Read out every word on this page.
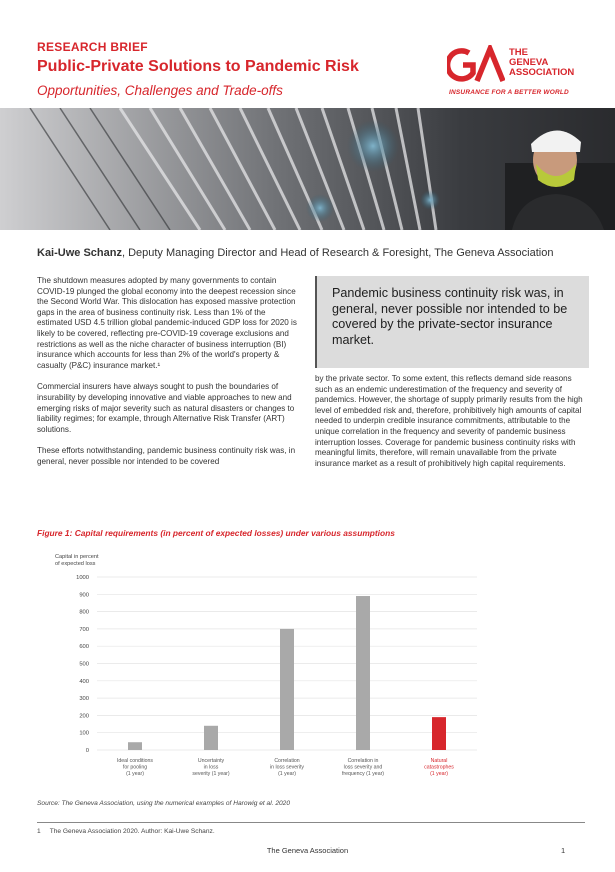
RESEARCH BRIEF
Public-Private Solutions to Pandemic Risk
Opportunities, Challenges and Trade-offs
THE
GENEVA
ASSOCIATION
INSURANCE FOR A BETTER WORLD
Kai-Uwe Schanz, Deputy Managing Director and Head of Research & Foresight, The Geneva Association

The shutdown measures adopted by many governments to contain COVID-19 plunged the global economy into the deepest recession since the Second World War. This dislocation has exposed massive protection gaps in the area of business continuity risk. Less than 1% of the estimated USD 4.5 trillion global pandemic-induced GDP loss for 2020 is likely to be covered, reflecting pre-COVID-19 coverage exclusions and restrictions as well as the niche character of business interruption (BI) insurance which accounts for less than 2% of the world's property & casualty (P&C) insurance market.¹

Commercial insurers have always sought to push the boundaries of insurability by developing innovative and viable approaches to new and emerging risks of major severity such as natural disasters or changes to liability regimes; for example, through Alternative Risk Transfer (ART) solutions.

These efforts notwithstanding, pandemic business continuity risk was, in general, never possible nor intended to be covered

Pandemic business continuity risk was, in general, never possible nor intended to be covered by the private-sector insurance market.

by the private sector. To some extent, this reflects demand side reasons such as an endemic underestimation of the frequency and severity of pandemics. However, the shortage of supply primarily results from the high level of embedded risk and, therefore, prohibitively high amounts of capital needed to underpin credible insurance commitments, attributable to the unique correlation in the frequency and severity of pandemic business interruption losses. Coverage for pandemic business continuity risks with meaningful limits, therefore, will remain unavailable from the private insurance market as a result of prohibitively high capital requirements.

Figure 1: Capital requirements (in percent of expected losses) under various assumptions
Capital in percent
of expected loss
0
100
200
300
400
500
600
700
800
900
1000
Ideal conditions
for pooling
(1 year)
Uncertainty
in loss
severity (1 year)
Correlation
in loss severity
(1 year)
Correlation in
loss severity and
frequency (1 year)
Natural
catastrophes
(1 year)
Source: The Geneva Association, using the numerical examples of Harowig et al. 2020
1     The Geneva Association 2020. Author: Kai-Uwe Schanz.
The Geneva Association	1
